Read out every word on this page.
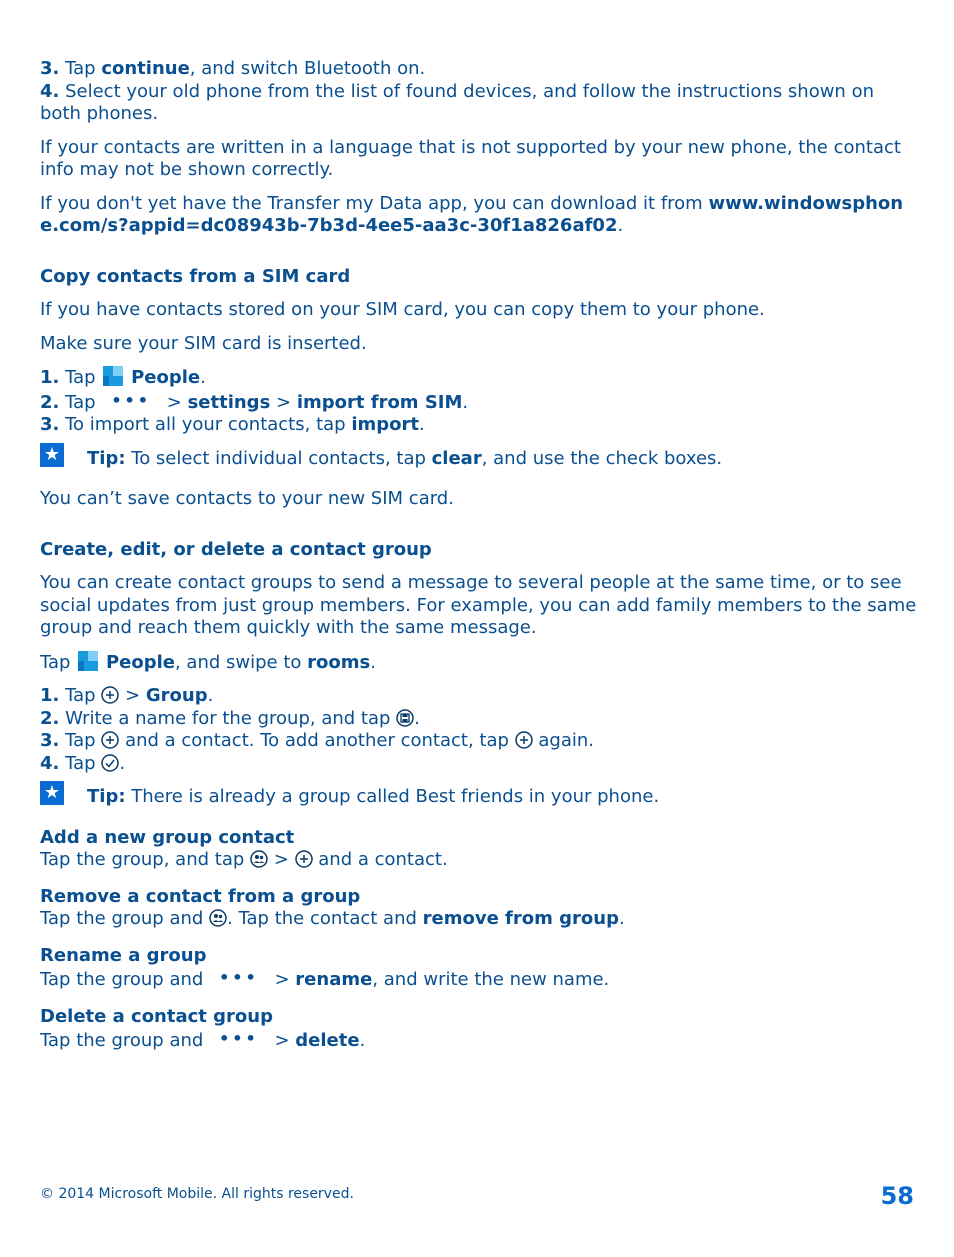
3. Tap continue, and switch Bluetooth on.

4. Select your old phone from the list of found devices, and follow the instructions shown on both phones.

If your contacts are written in a language that is not supported by your new phone, the contact info may not be shown correctly.

If you don't yet have the Transfer my Data app, you can download it from www.windowsphone.com/s?appid=dc08943b-7b3d-4ee5-aa3c-30f1a826af02.

Copy contacts from a SIM card

If you have contacts stored on your SIM card, you can copy them to your phone.

Make sure your SIM card is inserted.

1. Tap People.

2. Tap ••• > settings > import from SIM.

3. To import all your contacts, tap import.

★ Tip: To select individual contacts, tap clear, and use the check boxes.

You can’t save contacts to your new SIM card.

Create, edit, or delete a contact group

You can create contact groups to send a message to several people at the same time, or to see social updates from just group members. For example, you can add family members to the same group and reach them quickly with the same message.

Tap People, and swipe to rooms.

1. Tap  > Group.

2. Write a name for the group, and tap .

3. Tap and a contact. To add another contact, tap again.

4. Tap .

★ Tip: There is already a group called Best friends in your phone.

Add a new group contact

Tap the group, and tap  >  and a contact.

Remove a contact from a group

Tap the group and . Tap the contact and remove from group.

Rename a group

Tap the group and ••• > rename, and write the new name.

Delete a contact group

Tap the group and ••• > delete.

© 2014 Microsoft Mobile. All rights reserved.	58
